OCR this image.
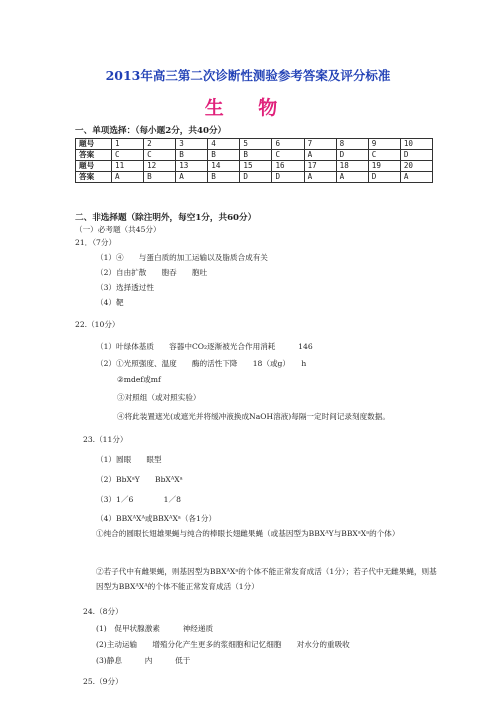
2013年高三第二次诊断性测验参考答案及评分标准
生 物
一、单项选择：（每小题2分，共40分）
题号	1	2	3	4	5	6	7	8	9	10
答案	C	C	B	B	B	C	A	D	C	D
题号	11	12	13	14	15	16	17	18	19	20
答案	A	B	A	B	D	D	A	A	D	A
二、非选择题（除注明外，每空1分，共60分）
（一）必考题（共45分）
21．（7分）
（1）④　　与蛋白质的加工运输以及脂质合成有关
（2）自由扩散　　胞吞　　胞吐
（3）选择透过性
（4）靶
22.（10分）
（1）叶绿体基质　　容器中CO₂逐渐被光合作用消耗　　　146
（2）①光照强度、温度　　酶的活性下降　　18（或g）　　h
②mdef或mf
③对照组（或对照实验）
④将此装置遮光(或遮光并将缓冲液换成NaOH溶液)每隔一定时间记录刻度数据。
23.（11分）
（1）圆眼　　眼型
（2）BbXᵃY　　BbXᴬXᵃ
（3）1／6　　　　1／8
（4）BBXᴬXᴬ或BBXᴬXᵃ（各1分）
①纯合的圆眼长翅雄果蝇与纯合的棒眼长翅雌果蝇（或基因型为BBXᴬY与BBXᵃXᵃ的个体）
②若子代中有雌果蝇，则基因型为BBXᴬXᵃ的个体不能正常发育成活（1分）；若子代中无雌果蝇，则基因型为BBXᴬXᴬ的个体不能正常发育成活（1分）
24.（8分）
(1)　促甲状腺激素　　　神经递质
(2)主动运输　　增殖分化产生更多的浆细胞和记忆细胞　　对水分的重吸收
(3)静息　　　内　　　低于
25.（9分）
